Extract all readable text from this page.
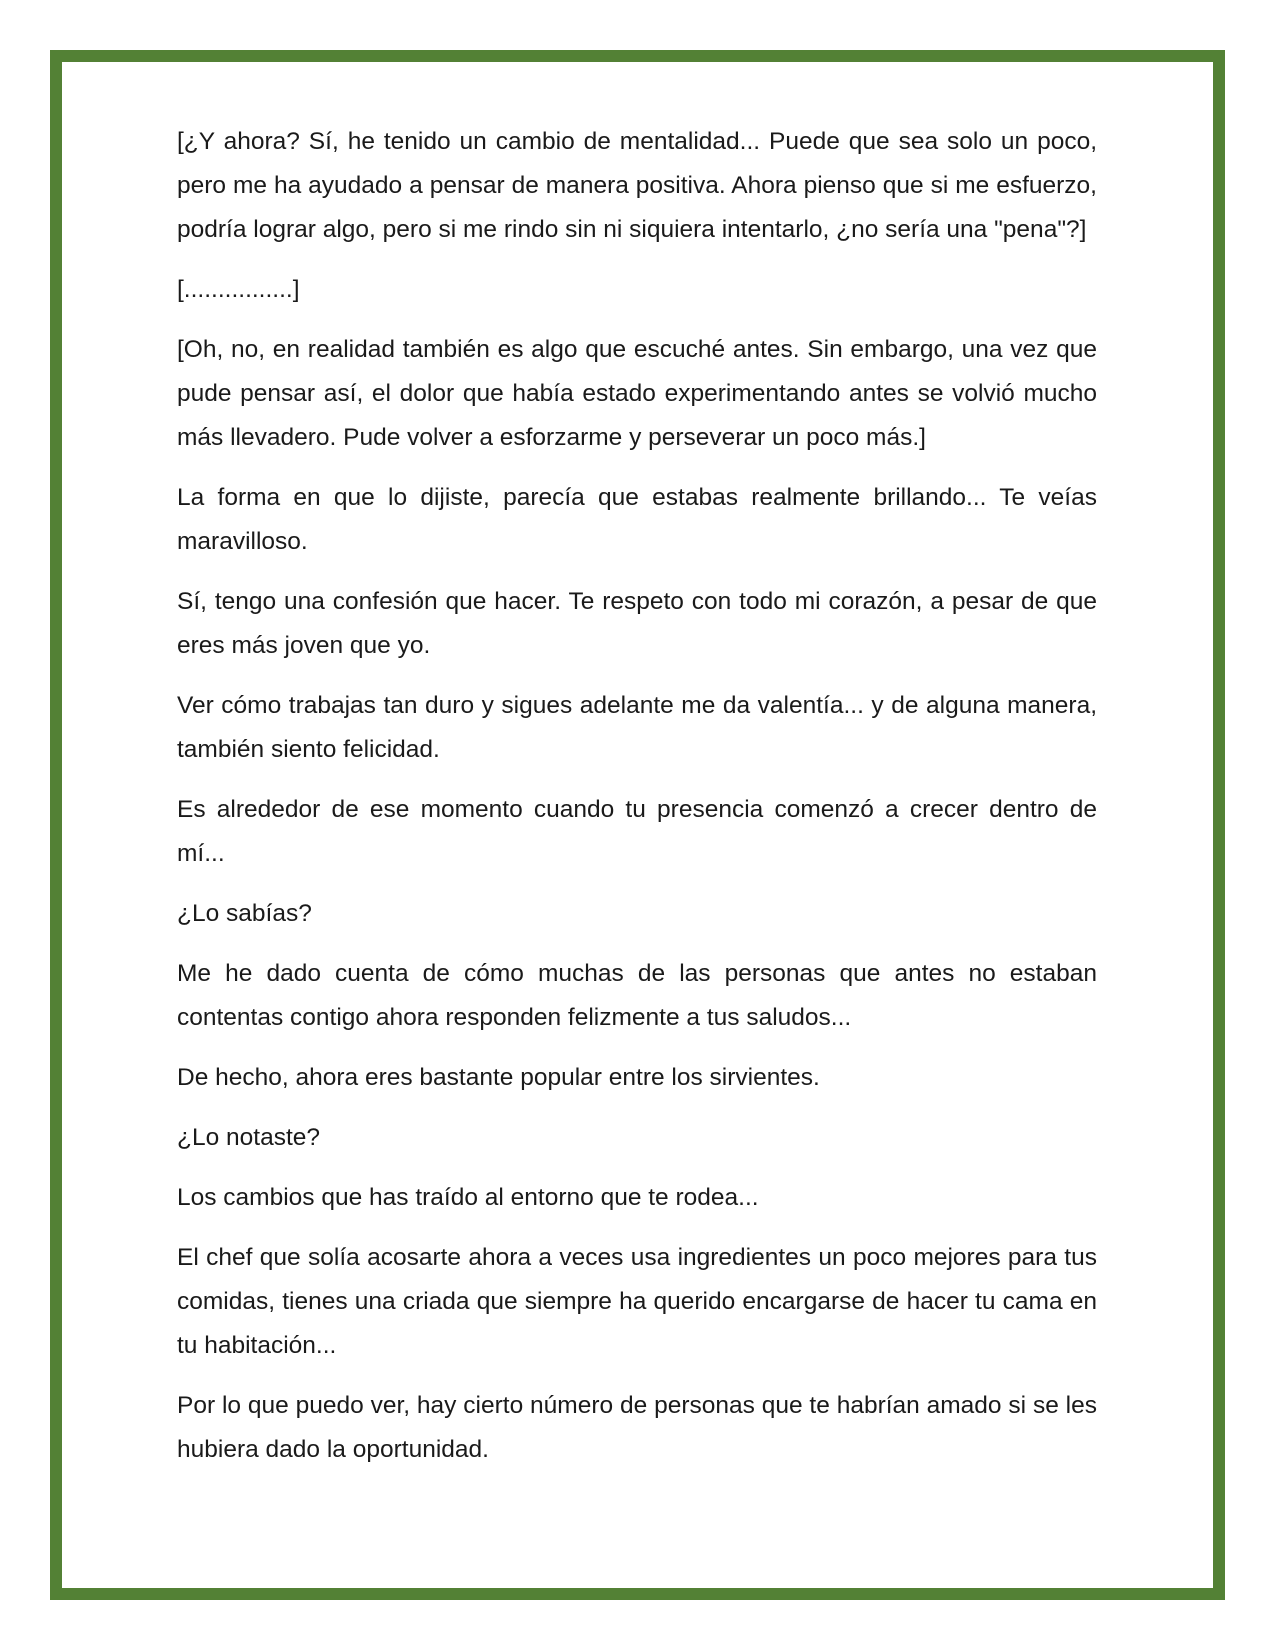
[¿Y ahora? Sí, he tenido un cambio de mentalidad... Puede que sea solo un poco, pero me ha ayudado a pensar de manera positiva. Ahora pienso que si me esfuerzo, podría lograr algo, pero si me rindo sin ni siquiera intentarlo, ¿no sería una "pena"?]

[................]

[Oh, no, en realidad también es algo que escuché antes. Sin embargo, una vez que pude pensar así, el dolor que había estado experimentando antes se volvió mucho más llevadero. Pude volver a esforzarme y perseverar un poco más.]

La forma en que lo dijiste, parecía que estabas realmente brillando... Te veías maravilloso.

Sí, tengo una confesión que hacer. Te respeto con todo mi corazón, a pesar de que eres más joven que yo.

Ver cómo trabajas tan duro y sigues adelante me da valentía... y de alguna manera, también siento felicidad.

Es alrededor de ese momento cuando tu presencia comenzó a crecer dentro de mí...

¿Lo sabías?

Me he dado cuenta de cómo muchas de las personas que antes no estaban contentas contigo ahora responden felizmente a tus saludos...

De hecho, ahora eres bastante popular entre los sirvientes.

¿Lo notaste?

Los cambios que has traído al entorno que te rodea...

El chef que solía acosarte ahora a veces usa ingredientes un poco mejores para tus comidas, tienes una criada que siempre ha querido encargarse de hacer tu cama en tu habitación...

Por lo que puedo ver, hay cierto número de personas que te habrían amado si se les hubiera dado la oportunidad.
